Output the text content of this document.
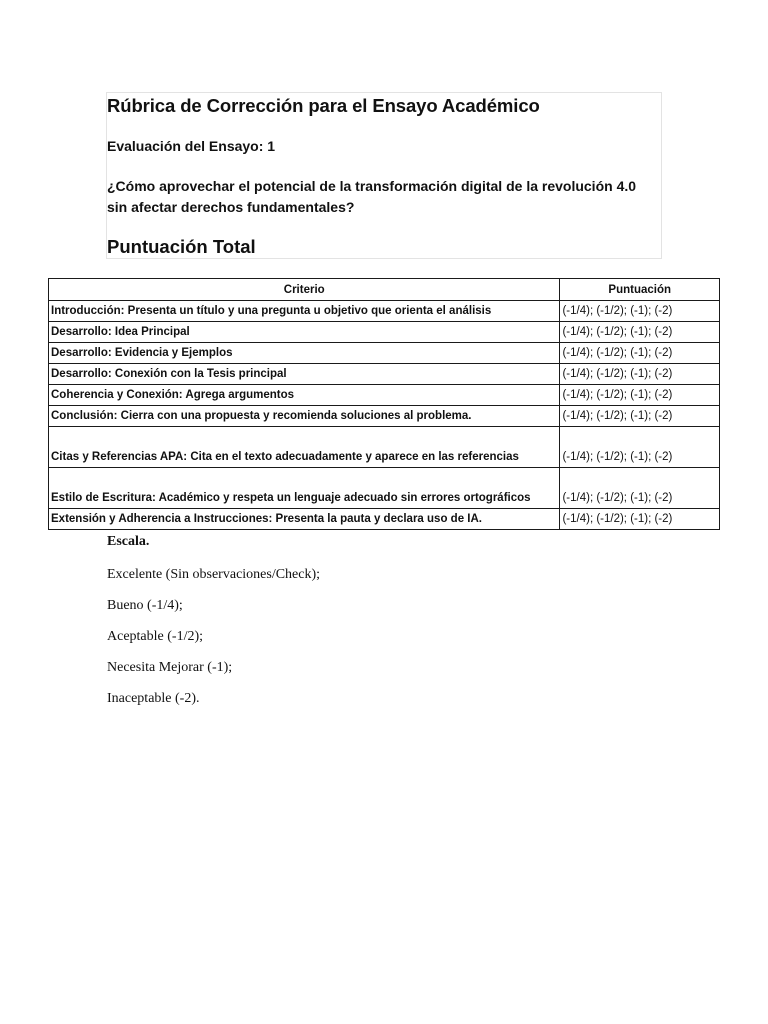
Rúbrica de Corrección para el Ensayo Académico

Evaluación del Ensayo: 1

¿Cómo aprovechar el potencial de la transformación digital de la revolución 4.0 sin afectar derechos fundamentales?

Puntuación Total
Criterio	Puntuación
Introducción: Presenta un título y una pregunta u objetivo que orienta el análisis	(-1/4); (-1/2); (-1); (-2)
Desarrollo: Idea Principal	(-1/4); (-1/2); (-1); (-2)
Desarrollo: Evidencia y Ejemplos	(-1/4); (-1/2); (-1); (-2)
Desarrollo: Conexión con la Tesis principal	(-1/4); (-1/2); (-1); (-2)
Coherencia y Conexión: Agrega argumentos	(-1/4); (-1/2); (-1); (-2)
Conclusión: Cierra con una propuesta y recomienda soluciones al problema.	(-1/4); (-1/2); (-1); (-2)
Citas y Referencias APA: Cita en el texto adecuadamente y aparece en las referencias	(-1/4); (-1/2); (-1); (-2)
Estilo de Escritura: Académico y respeta un lenguaje adecuado sin errores ortográficos	(-1/4); (-1/2); (-1); (-2)
Extensión y Adherencia a Instrucciones: Presenta la pauta y declara uso de IA.	(-1/4); (-1/2); (-1); (-2)

Escala.

Excelente (Sin observaciones/Check);

Bueno (-1/4);

Aceptable (-1/2);

Necesita Mejorar (-1);

Inaceptable (-2).
